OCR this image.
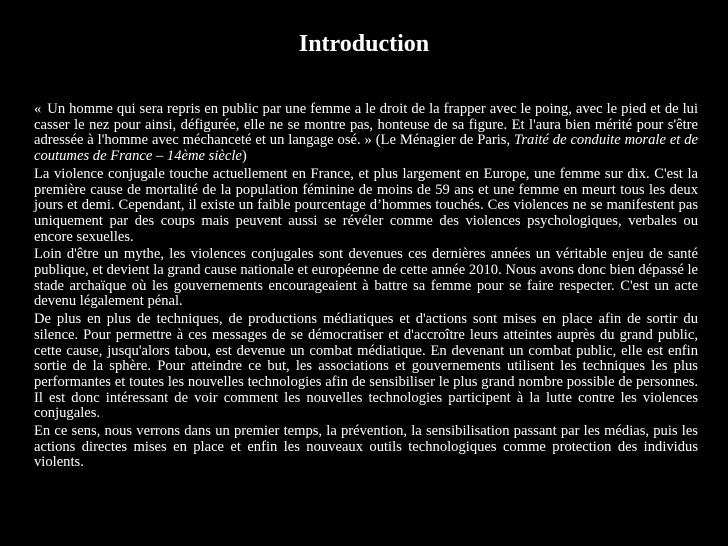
Introduction

« Un homme qui sera repris en public par une femme a le droit de la frapper avec le poing, avec le pied et de lui casser le nez pour ainsi, défigurée, elle ne se montre pas, honteuse de sa figure. Et l'aura bien mérité pour s'être adressée à l'homme avec méchanceté et un langage osé. » (Le Ménagier de Paris, Traité de conduite morale et de coutumes de France – 14ème siècle)

La violence conjugale touche actuellement en France, et plus largement en Europe, une femme sur dix. C'est la première cause de mortalité de la population féminine de moins de 59 ans et une femme en meurt tous les deux jours et demi. Cependant, il existe un faible pourcentage d’hommes touchés. Ces violences ne se manifestent pas uniquement par des coups mais peuvent aussi se révéler comme des violences psychologiques, verbales ou encore sexuelles.

Loin d'être un mythe, les violences conjugales sont devenues ces dernières années un véritable enjeu de santé publique, et devient la grand cause nationale et européenne de cette année 2010. Nous avons donc bien dépassé le stade archaïque où les gouvernements encourageaient à battre sa femme pour se faire respecter. C'est un acte devenu légalement pénal.

De plus en plus de techniques, de productions médiatiques et d'actions sont mises en place afin de sortir du silence. Pour permettre à ces messages de se démocratiser et d'accroître leurs atteintes auprès du grand public, cette cause, jusqu'alors tabou, est devenue un combat médiatique. En devenant un combat public, elle est enfin sortie de la sphère. Pour atteindre ce but, les associations et gouvernements utilisent les techniques les plus performantes et toutes les nouvelles technologies afin de sensibiliser le plus grand nombre possible de personnes. Il est donc intéressant de voir comment les nouvelles technologies participent à la lutte contre les violences conjugales.

En ce sens, nous verrons dans un premier temps, la prévention, la sensibilisation passant par les médias, puis les actions directes mises en place et enfin les nouveaux outils technologiques comme protection des individus violents.
